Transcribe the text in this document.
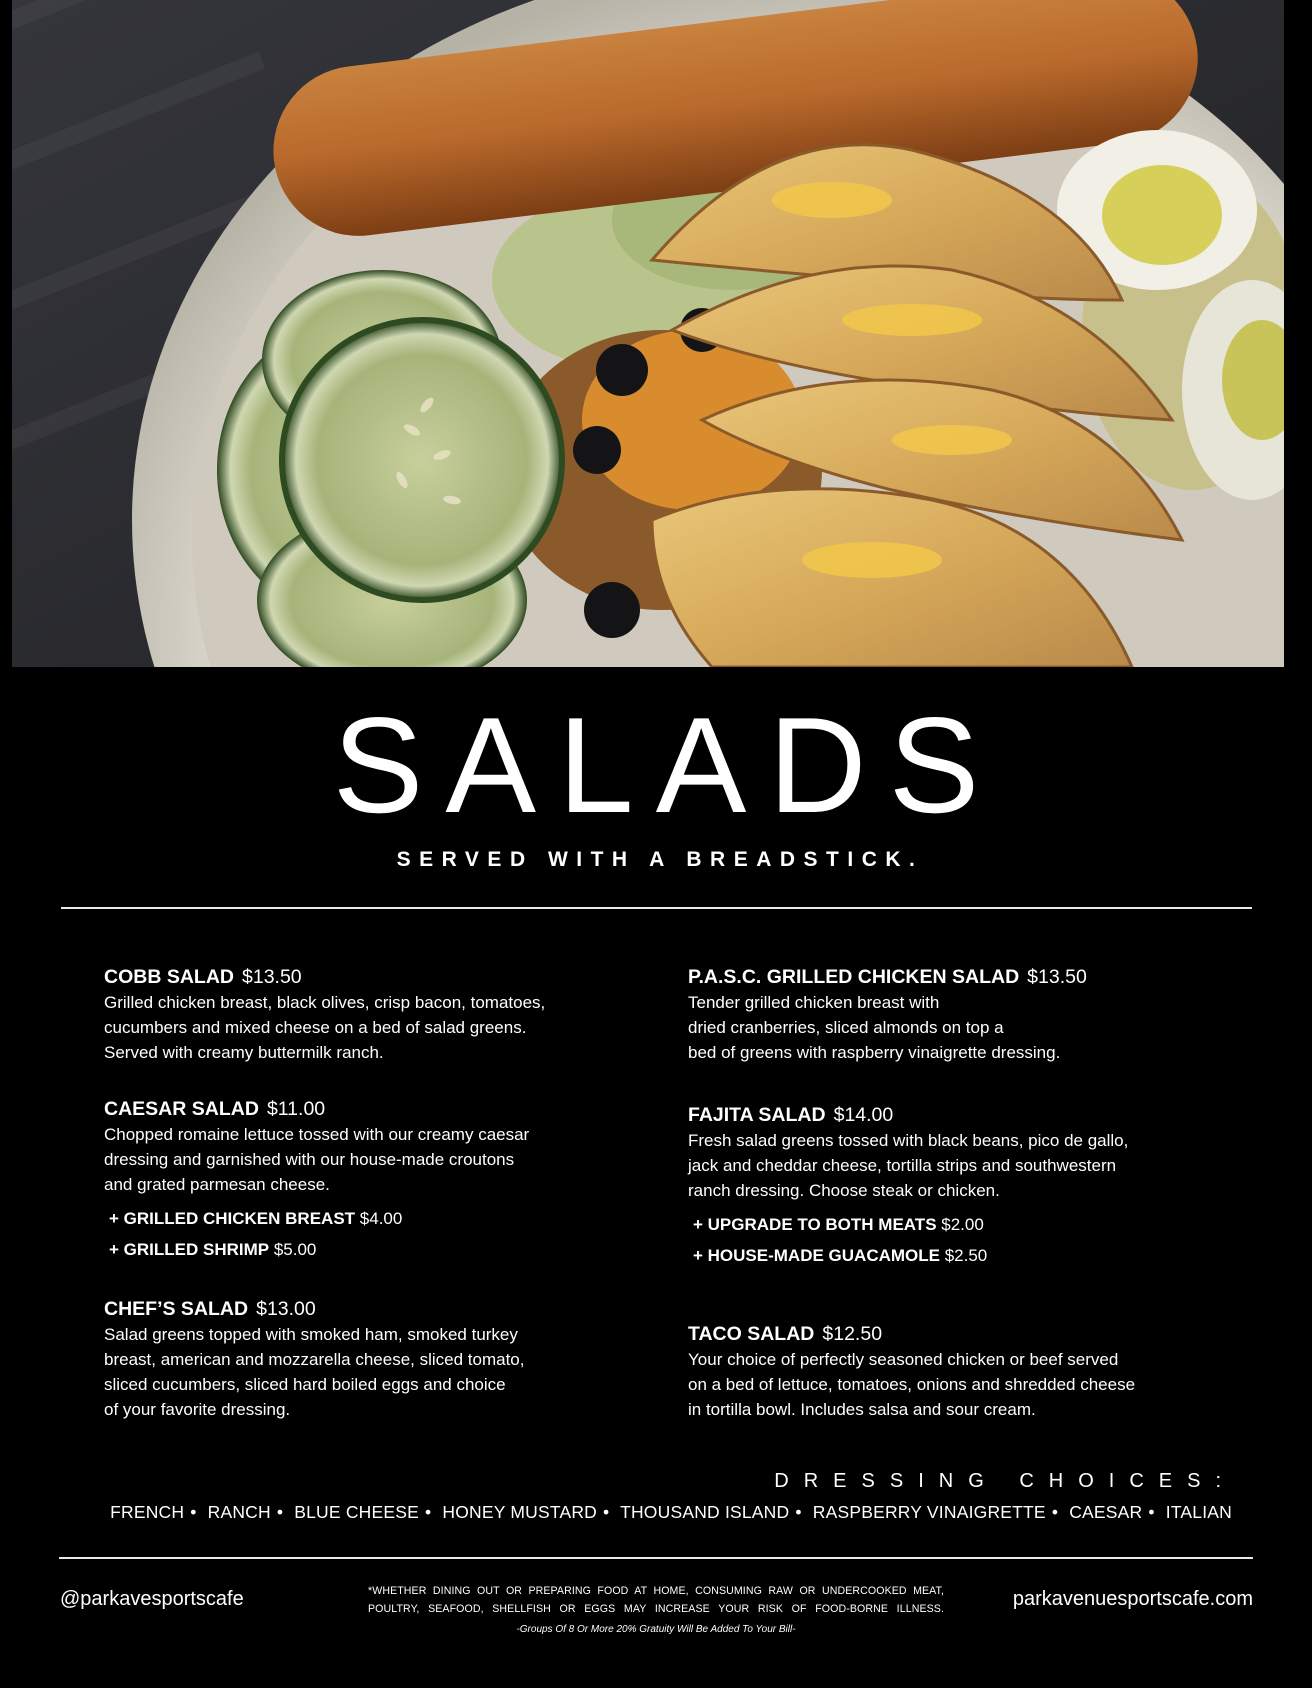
SALADS
SERVED WITH A BREADSTICK.
COBB SALAD $13.50
Grilled chicken breast, black olives, crisp bacon, tomatoes,
cucumbers and mixed cheese on a bed of salad greens.
Served with creamy buttermilk ranch.
CAESAR SALAD $11.00
Chopped romaine lettuce tossed with our creamy caesar
dressing and garnished with our house-made croutons
and grated parmesan cheese.
+ GRILLED CHICKEN BREAST $4.00
+ GRILLED SHRIMP $5.00
CHEF’S SALAD $13.00
Salad greens topped with smoked ham, smoked turkey
breast, american and mozzarella cheese, sliced tomato,
sliced cucumbers, sliced hard boiled eggs and choice
of your favorite dressing.
P.A.S.C. GRILLED CHICKEN SALAD $13.50
Tender grilled chicken breast with
dried cranberries, sliced almonds on top a
bed of greens with raspberry vinaigrette dressing.
FAJITA SALAD $14.00
Fresh salad greens tossed with black beans, pico de gallo,
jack and cheddar cheese, tortilla strips and southwestern
ranch dressing. Choose steak or chicken.
+ UPGRADE TO BOTH MEATS $2.00
+ HOUSE-MADE GUACAMOLE $2.50
TACO SALAD $12.50
Your choice of perfectly seasoned chicken or beef served
on a bed of lettuce, tomatoes, onions and shredded cheese
in tortilla bowl. Includes salsa and sour cream.
DRESSING CHOICES:
FRENCH • RANCH • BLUE CHEESE • HONEY MUSTARD • THOUSAND ISLAND • RASPBERRY VINAIGRETTE • CAESAR • ITALIAN
@parkavesportscafe	*WHETHER DINING OUT OR PREPARING FOOD AT HOME, CONSUMING RAW OR UNDERCOOKED MEAT, POULTRY, SEAFOOD, SHELLFISH OR EGGS MAY INCREASE YOUR RISK OF FOOD-BORNE ILLNESS.
-Groups Of 8 Or More 20% Gratuity Will Be Added To Your Bill-
parkavenuesportscafe.com
